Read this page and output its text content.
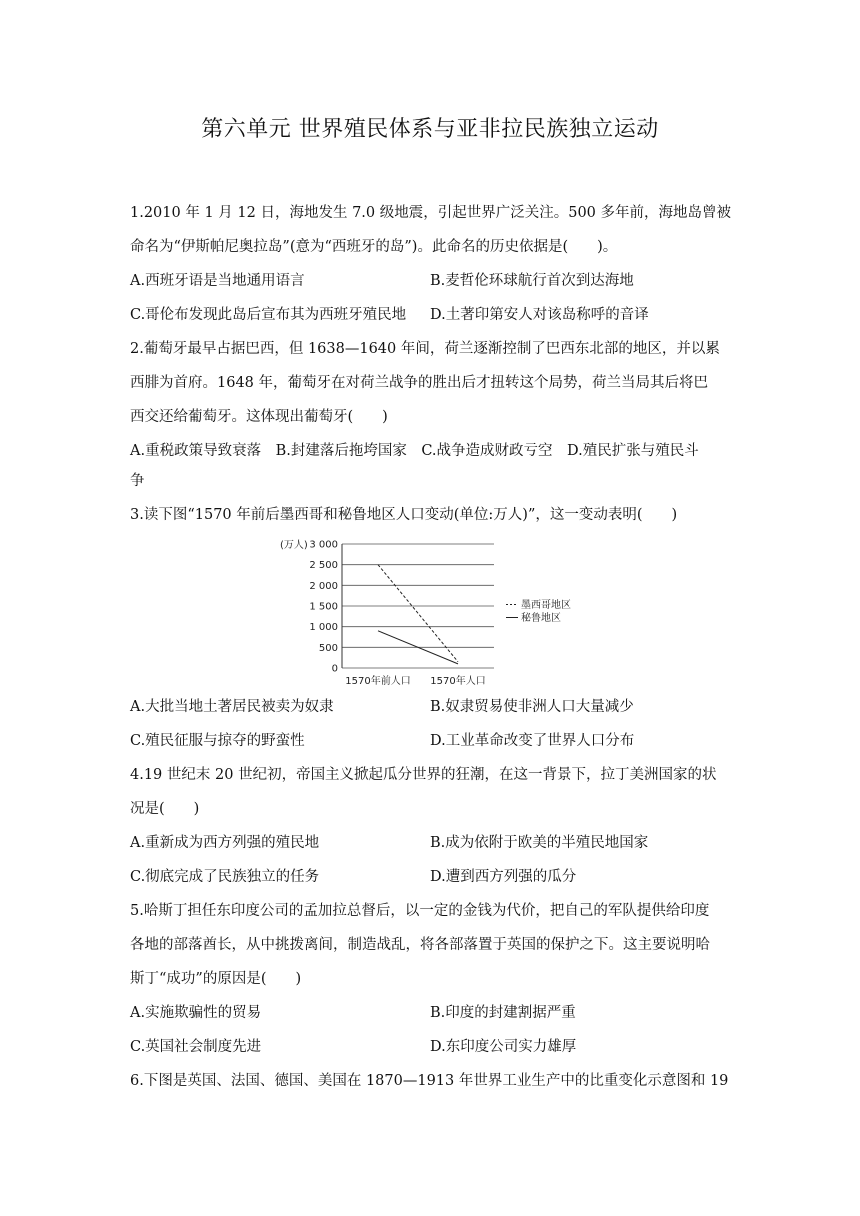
第六单元 世界殖民体系与亚非拉民族独立运动
1.2010 年 1 月 12 日，海地发生 7.0 级地震，引起世界广泛关注。500 多年前，海地岛曾被
命名为“伊斯帕尼奥拉岛”(意为“西班牙的岛”)。此命名的历史依据是(　　)。
A.西班牙语是当地通用语言	B.麦哲伦环球航行首次到达海地
C.哥伦布发现此岛后宣布其为西班牙殖民地 D.土著印第安人对该岛称呼的音译
2.葡萄牙最早占据巴西，但 1638—1640 年间，荷兰逐渐控制了巴西东北部的地区，并以累
西腓为首府。1648 年，葡萄牙在对荷兰战争的胜出后才扭转这个局势，荷兰当局其后将巴
西交还给葡萄牙。这体现出葡萄牙(　　)
A.重税政策导致衰落　B.封建落后拖垮国家　C.战争造成财政亏空　D.殖民扩张与殖民斗
争
3.读下图“1570 年前后墨西哥和秘鲁地区人口变动(单位:万人)”，这一变动表明(　　)
(万人) 3 000
2 500
2 000
1 500
1 000
500
0
1570年前人口 1570年人口
墨西哥地区
秘鲁地区
A.大批当地土著居民被卖为奴隶	B.奴隶贸易使非洲人口大量减少
C.殖民征服与掠夺的野蛮性	D.工业革命改变了世界人口分布
4.19 世纪末 20 世纪初，帝国主义掀起瓜分世界的狂潮，在这一背景下，拉丁美洲国家的状
况是(　　)
A.重新成为西方列强的殖民地	B.成为依附于欧美的半殖民地国家
C.彻底完成了民族独立的任务	D.遭到西方列强的瓜分
5.哈斯丁担任东印度公司的孟加拉总督后，以一定的金钱为代价，把自己的军队提供给印度
各地的部落酋长，从中挑拨离间，制造战乱，将各部落置于英国的保护之下。这主要说明哈
斯丁“成功”的原因是(　　)
A.实施欺骗性的贸易	B.印度的封建割据严重
C.英国社会制度先进	D.东印度公司实力雄厚
6.下图是英国、法国、德国、美国在 1870—1913 年世界工业生产中的比重变化示意图和 19
